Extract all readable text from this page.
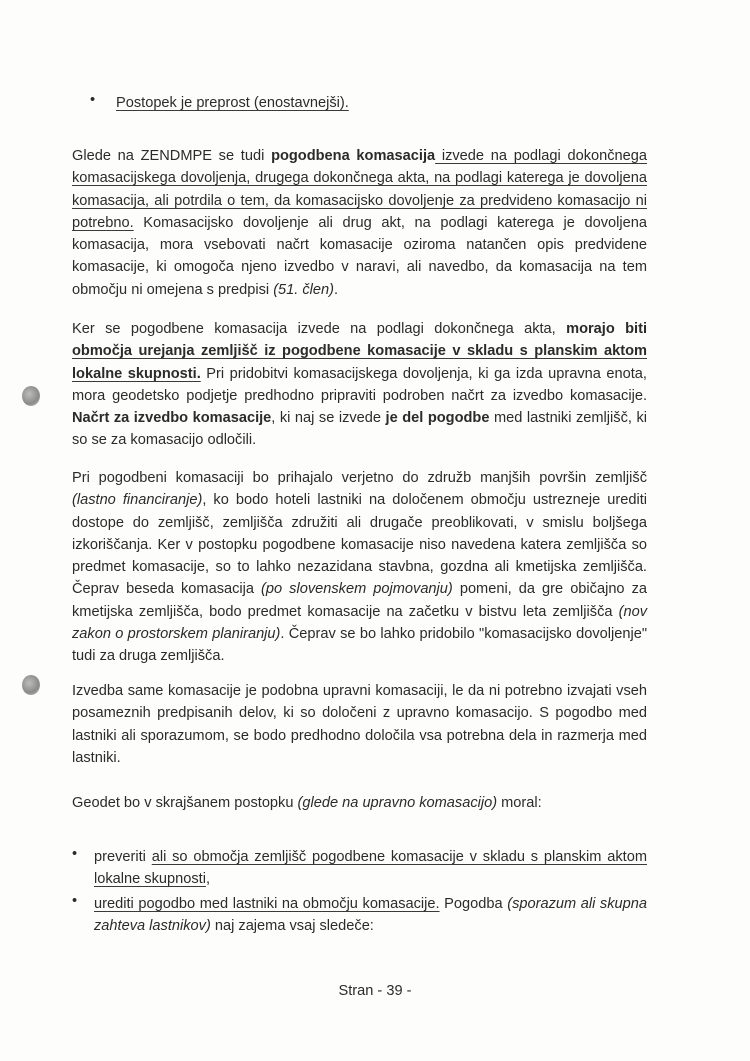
•	Postopek je preprost (enostavnejši).

Glede na ZENDMPE se tudi pogodbena komasacija izvede na podlagi dokončnega komasacijskega dovoljenja, drugega dokončnega akta, na podlagi katerega je dovoljena komasacija, ali potrdila o tem, da komasacijsko dovoljenje za predvideno komasacijo ni potrebno. Komasacijsko dovoljenje ali drug akt, na podlagi katerega je dovoljena komasacija, mora vsebovati načrt komasacije oziroma natančen opis predvidene komasacije, ki omogoča njeno izvedbo v naravi, ali navedbo, da komasacija na tem območju ni omejena s predpisi (51. člen).

Ker se pogodbene komasacija izvede na podlagi dokončnega akta, morajo biti območja urejanja zemljišč iz pogodbene komasacije v skladu s planskim aktom lokalne skupnosti. Pri pridobitvi komasacijskega dovoljenja, ki ga izda upravna enota, mora geodetsko podjetje predhodno pripraviti podroben načrt za izvedbo komasacije. Načrt za izvedbo komasacije, ki naj se izvede je del pogodbe med lastniki zemljišč, ki so se za komasacijo odločili.

Pri pogodbeni komasaciji bo prihajalo verjetno do združb manjših površin zemljišč (lastno financiranje), ko bodo hoteli lastniki na določenem območju ustrezneje urediti dostope do zemljišč, zemljišča združiti ali drugače preoblikovati, v smislu boljšega izkoriščanja. Ker v postopku pogodbene komasacije niso navedena katera zemljišča so predmet komasacije, so to lahko nezazidana stavbna, gozdna ali kmetijska zemljišča. Čeprav beseda komasacija (po slovenskem pojmovanju) pomeni, da gre običajno za kmetijska zemljišča, bodo predmet komasacije na začetku v bistvu leta zemljišča (nov zakon o prostorskem planiranju). Čeprav se bo lahko pridobilo "komasacijsko dovoljenje" tudi za druga zemljišča.

Izvedba same komasacije je podobna upravni komasaciji, le da ni potrebno izvajati vseh posameznih predpisanih delov, ki so določeni z upravno komasacijo. S pogodbo med lastniki ali sporazumom, se bodo predhodno določila vsa potrebna dela in razmerja med lastniki.

Geodet bo v skrajšanem postopku (glede na upravno komasacijo) moral:

•	preveriti ali so območja zemljišč pogodbene komasacije v skladu s planskim aktom lokalne skupnosti,

•	urediti pogodbo med lastniki na območju komasacije. Pogodba (sporazum ali skupna zahteva lastnikov) naj zajema vsaj sledeče:

Stran - 39 -
